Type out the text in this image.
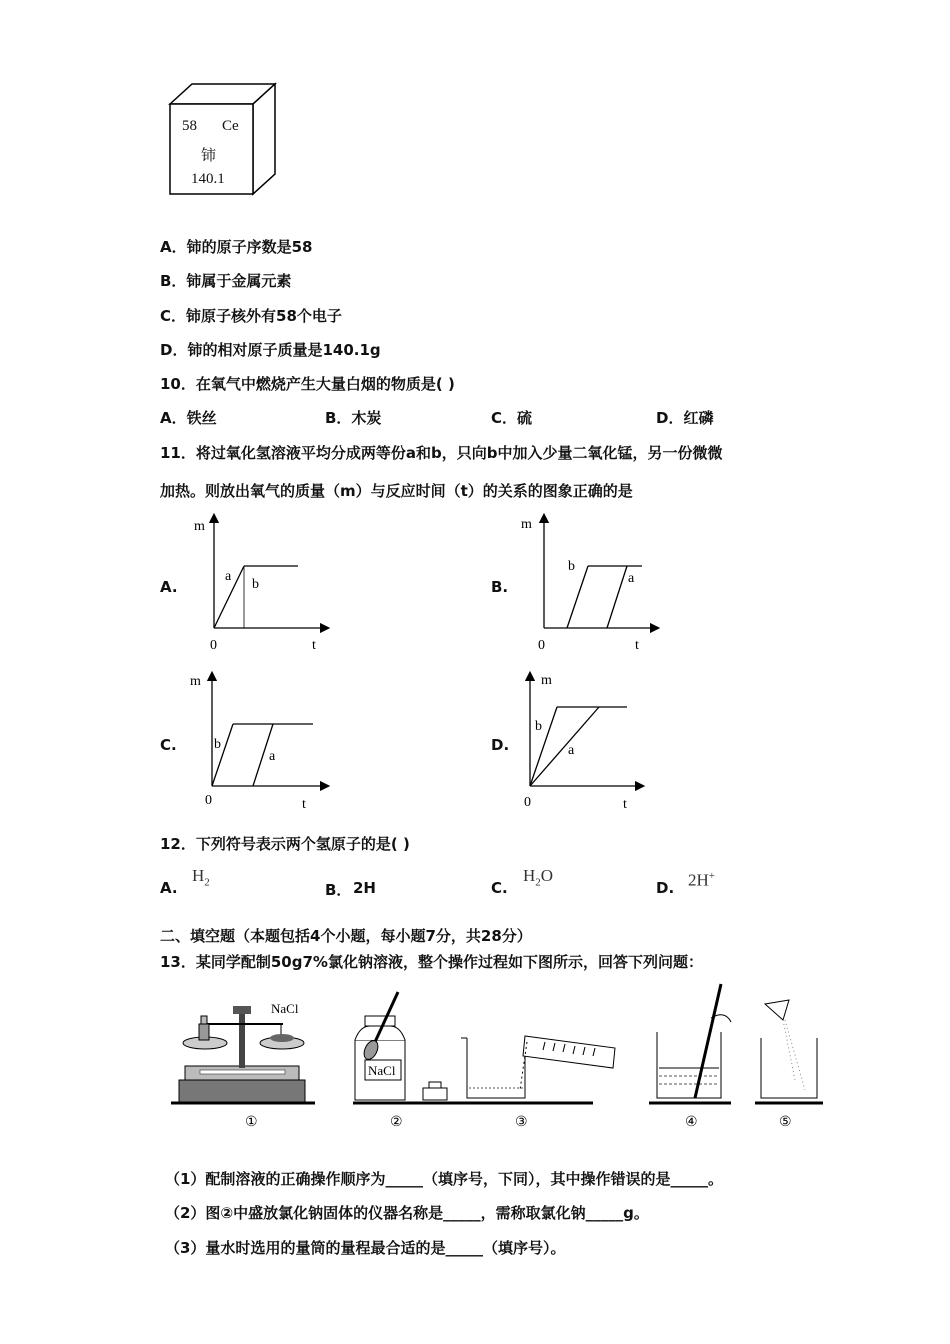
58 Ce
铈
140.1
A．铈的原子序数是58
B．铈属于金属元素
C．铈原子核外有58个电子
D．铈的相对原子质量是140.1g
10．在氧气中燃烧产生大量白烟的物质是( )
A．铁丝	B．木炭	C．硫	D．红磷
11．将过氧化氢溶液平均分成两等份a和b，只向b中加入少量二氧化锰，另一份微微
加热。则放出氧气的质量（m）与反应时间（t）的关系的图象正确的是
A.	B.
C.	D.
m
t
0
a
b
m
t
0
b
a
m
t
0
b
a
m
t
0
b
a
12．下列符号表示两个氢原子的是( )
A.
$H_2$	B． 2H	C.
$H_2O$
D. 2H+
二、填空题（本题包括4个小题，每小题7分，共28分）
13．某同学配制50g7%氯化钠溶液，整个操作过程如下图所示，回答下列问题：
NaCl
NaCl
①	②	③	④	⑤
（1）配制溶液的正确操作顺序为_____（填序号，下同），其中操作错误的是_____。
（2）图②中盛放氯化钠固体的仪器名称是_____，需称取氯化钠_____g。
（3）量水时选用的量筒的量程最合适的是_____（填序号）。
